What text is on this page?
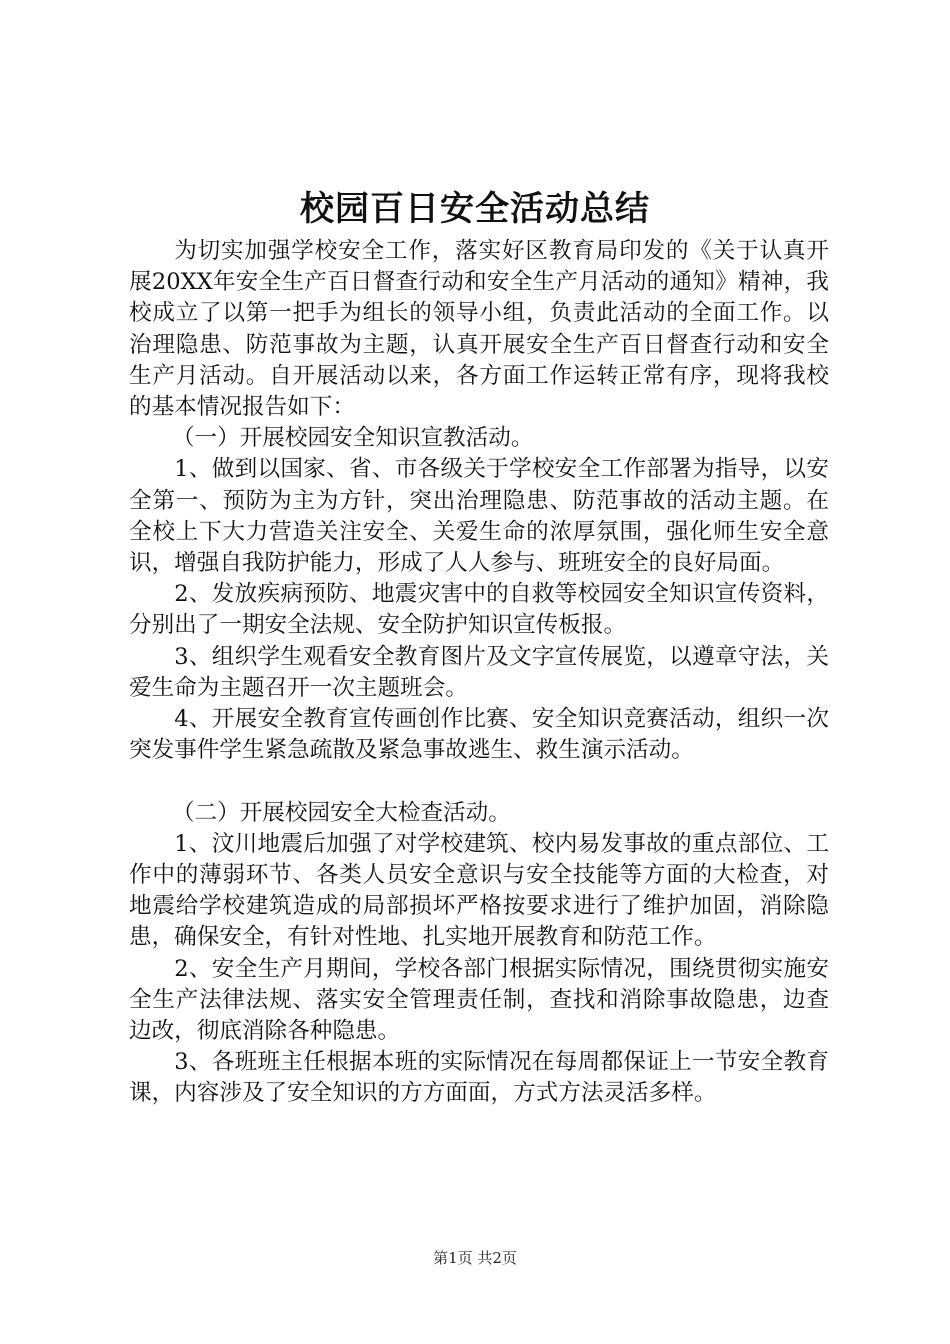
校园百日安全活动总结

为切实加强学校安全工作，落实好区教育局印发的《关于认真开展20XX年安全生产百日督查行动和安全生产月活动的通知》精神，我校成立了以第一把手为组长的领导小组，负责此活动的全面工作。以治理隐患、防范事故为主题，认真开展安全生产百日督查行动和安全生产月活动。自开展活动以来，各方面工作运转正常有序，现将我校的基本情况报告如下：

（一）开展校园安全知识宣教活动。

1、做到以国家、省、市各级关于学校安全工作部署为指导，以安全第一、预防为主为方针，突出治理隐患、防范事故的活动主题。在全校上下大力营造关注安全、关爱生命的浓厚氛围，强化师生安全意识，增强自我防护能力，形成了人人参与、班班安全的良好局面。

2、发放疾病预防、地震灾害中的自救等校园安全知识宣传资料，分别出了一期安全法规、安全防护知识宣传板报。

3、组织学生观看安全教育图片及文字宣传展览，以遵章守法，关爱生命为主题召开一次主题班会。

4、开展安全教育宣传画创作比赛、安全知识竞赛活动，组织一次突发事件学生紧急疏散及紧急事故逃生、救生演示活动。

（二）开展校园安全大检查活动。

1、汶川地震后加强了对学校建筑、校内易发事故的重点部位、工作中的薄弱环节、各类人员安全意识与安全技能等方面的大检查，对地震给学校建筑造成的局部损坏严格按要求进行了维护加固，消除隐患，确保安全，有针对性地、扎实地开展教育和防范工作。

2、安全生产月期间，学校各部门根据实际情况，围绕贯彻实施安全生产法律法规、落实安全管理责任制，查找和消除事故隐患，边查边改，彻底消除各种隐患。

3、各班班主任根据本班的实际情况在每周都保证上一节安全教育课，内容涉及了安全知识的方方面面，方式方法灵活多样。

第1页 共2页
